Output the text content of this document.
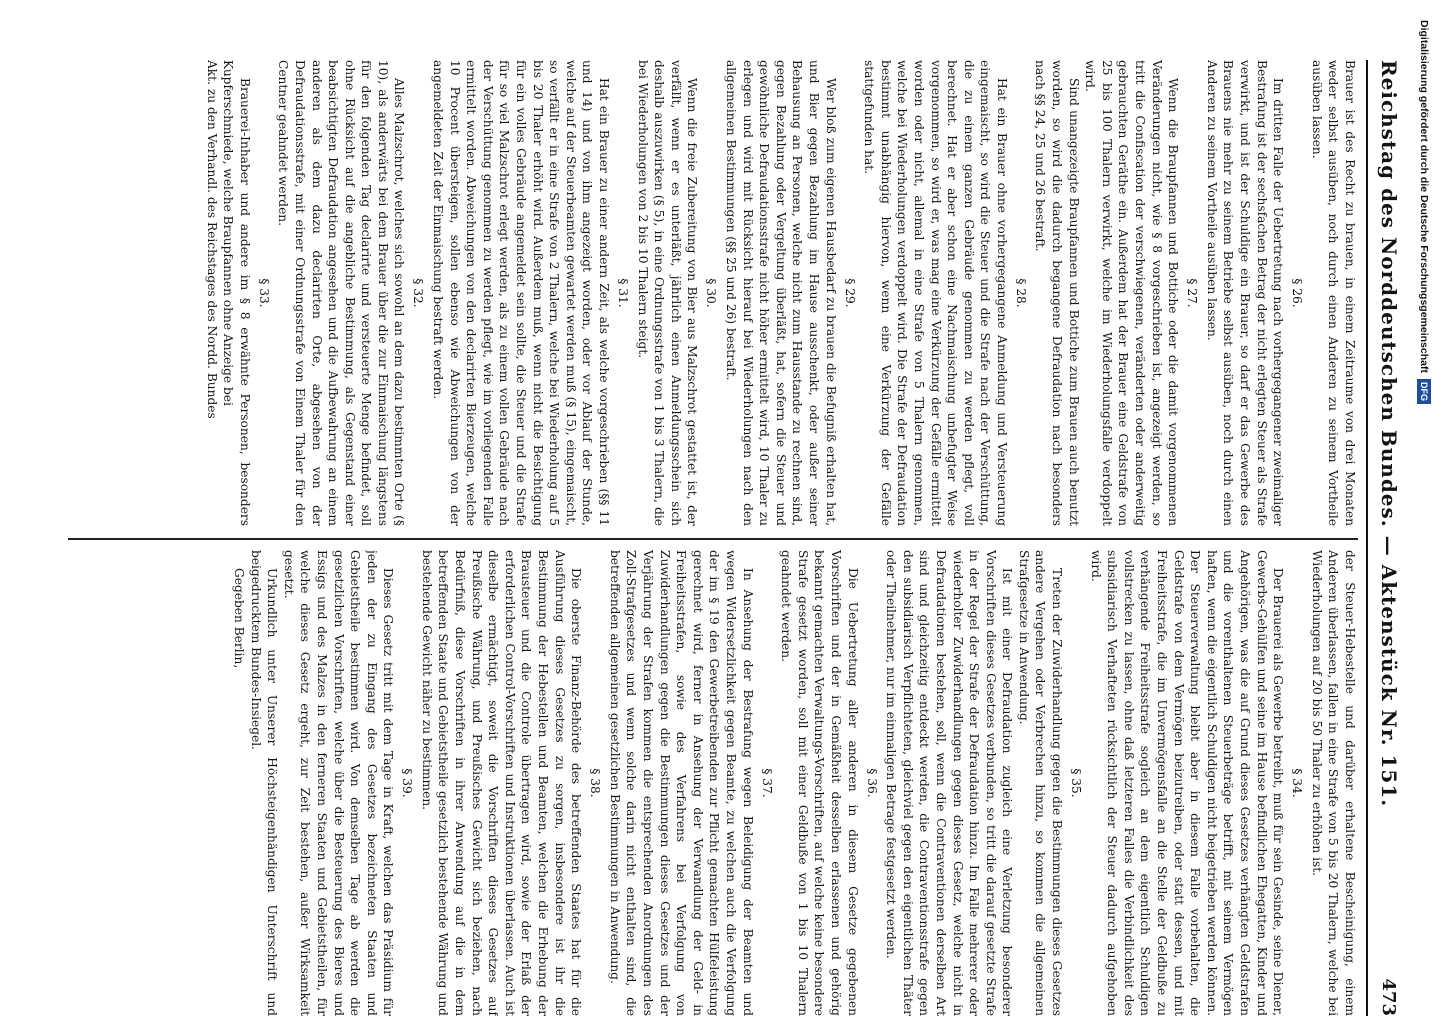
Reichstag des Norddeutschen Bundes. — Aktenstück Nr. 151.
473
Brauer ist des Recht zu brauen, in einem Zeitraume von drei Monaten weder selbst ausüben, noch durch einen Anderen zu seinem Vortheile ausüben lassen.
§ 26.
Im dritten Falle der Uebertretung nach vorhergegangener zweimaliger Bestrafung ist der sechsfachen Betrag der nicht erlegten Steuer als Strafe verwirkt, und ist der Schuldige ein Brauer, so darf er das Gewerbe des Brauens nie mehr zu seinem Betriebe selbst ausüben, noch durch einen Anderen zu seinem Vortheile ausüben lassen.
§ 27.
Wenn die Braupfannen und Bottiche oder die damit vorgenommenen Veränderungen nicht, wie § 8 vorgeschrieben ist, angezeigt werden, so tritt die Confiscation der verschwiegenen, veränderten oder anderweitig gebrauchten Geräthe ein. Außerdem hat der Brauer eine Geldstrafe von 25 bis 100 Thalern verwirkt, welche im Wiederholungsfalle verdoppelt wird.
Sind unangezeigte Braupfannen und Bottiche zum Brauen auch benutzt worden, so wird die dadurch begangene Defraudation nach besonders nach §§ 24, 25 und 26 bestraft.
§ 28.
Hat ein Brauer ohne vorhergegangene Anmeldung und Versteuerung eingemaischt, so wird die Steuer und die Strafe nach der Verschüttung, die zu einem ganzen Gebräude genommen zu werden pflegt, voll berechnet. Hat er aber schon eine Nachmaischung unbefugter Weise vorgenommen, so wird er, was mag eine Verkürzung der Gefälle ermittelt worden oder nicht, allemal in eine Strafe von 5 Thalern genommen, welche bei Wiederholungen verdoppelt wird. Die Strafe der Defraudation bestimmt unabhängig hiervon, wenn eine Verkürzung der Gefälle stattgefunden hat.
§ 29.
Wer bloß zum eigenen Hausbedarf zu brauen die Befugniß erhalten hat, und Bier gegen Bezahlung im Hause ausschenkt, oder außer seiner Behausung an Personen, welche nicht zum Hausstande zu rechnen sind, gegen Bezahlung oder Vergeltung überläßt, hat, sofern die Steuer und gewöhnliche Defraudationsstrafe nicht höher ermittelt wird, 10 Thaler zu erlegen und wird mit Rücksicht hierauf bei Wiederholungen nach den allgemeinen Bestimmungen (§§ 25 und 26) bestraft.
§ 30.
Wenn die freie Zubereitung von Bier aus Malzschrot gestattet ist, der verfällt, wenn er es unterläßt, jährlich einen Anmeldungsschein sich deshalb auszuwirken (§ 5), in eine Ordnungsstrafe von 1 bis 3 Thalern, die bei Wiederholungen von 2 bis 10 Thalern steigt.
§ 31.
Hat ein Brauer zu einer andern Zeit, als welche vorgeschrieben (§§ 11 und 14) und von ihm angezeigt worden, oder vor Ablauf der Stunde, welche auf der Steuerbeamten gewartet werden muß (§ 15), eingemaischt, so verfällt er in eine Strafe von 2 Thalern, welche bei Wiederholung auf 5 bis 20 Thaler erhöht wird. Außerdem muß, wenn nicht die Besichtigung für ein volles Gebräude angemeldet sein sollte, die Steuer und die Strafe für so viel Malzschrot erlegt werden, als zu einem vollen Gebräude nach der Verschüttung genommen zu werden pflegt, wie im vorliegenden Falle ermittelt worden. Abweichungen von den declarirten Bierzeugen, welche 10 Procent übersteigen, sollen ebenso wie Abweichungen von der angemeldeten Zeit der Einmaischung bestraft werden.
§ 32.
Alles Malzschrot, welches sich sowohl an dem dazu bestimmten Orte (§ 10), als anderwärts bei dem Brauer über die zur Einmaischung längstens für den folgenden Tag declarirte und versteuerte Menge befindet, soll ohne Rücksicht auf die angebliche Bestimmung, als Gegenstand einer beabsichtigten Defraudation angesehen und die Aufbewahrung an einem anderen als dem dazu declarirten Orte, abgesehen von der Defraudationsstrafe, mit einer Ordnungsstrafe von Einem Thaler für den Centner geahndet werden.
§ 33.
Brauerei-Inhaber und andere im § 8 erwähnte Personen, besonders Kupferschmiede, welche Braupfannen ohne Anzeige bei
Akt. zu den Verhandl. des Reichstages des Nordd. Bundes
der Steuer-Hebestelle und darüber erhaltene Bescheinigung, einem Anderen überlassen, fallen in eine Strafe von 5 bis 20 Thalern, welche bei Wiederholungen auf 20 bis 50 Thaler zu erhöhen ist.
§ 34.
Der Brauerei als Gewerbe betreibt, muß für sein Gesinde, seine Diener, Gewerbs-Gehülfen und seine im Hause befindlichen Ehegatten, Kinder und Angehörigen, was die auf Grund dieses Gesetzes verhängten Geldstrafen und die vorenthaltenen Steuerbeträge betrifft, mit seinem Vermögen haften, wenn die eigentlich Schuldigen nicht beigetrieben werden können. Der Steuerverwaltung bleibt aber in diesem Falle vorbehalten, die Geldstrafe von dem Vermögen beizutreiben, oder statt dessen, und mit Freiheitsstrafe, die im Unvermögensfalle an die Stelle der Geldbuße zu verhängende Freiheitsstrafe sogleich an dem eigentlich Schuldigen vollstrecken zu lassen, ohne daß letzteren Falles die Verbindlichkeit des subsidiarisch Verhafteten rücksichtlich der Steuer dadurch aufgehoben wird.
§ 35.
Treten der Zuwiderhandlung gegen die Bestimmungen dieses Gesetzes andere Vergehen oder Verbrechen hinzu, so kommen die allgemeinen Strafgesetze in Anwendung.
Ist mit einer Defraudation zugleich eine Verletzung besonderer Vorschriften dieses Gesetzes verbunden, so tritt die darauf gesetzte Strafe in der Regel der Strafe der Defraudation hinzu. Im Falle mehrerer oder wiederholter Zuwiderhandlungen gegen dieses Gesetz, welche nicht in Defraudationen bestehen, soll, wenn die Contraventionen derselben Art sind und gleichzeitig entdeckt werden, die Contraventionsstrafe gegen den subsidiarisch Verpflichteten, gleichviel gegen den eigentlichen Thäter oder Theilnehmer, nur im einmaligen Betrage festgesetzt werden.
§ 36.
Die Uebertretung aller anderen in diesem Gesetze gegebenen Vorschriften und der in Gemäßheit desselben erlassenen und gehörig bekannt gemachten Verwaltungs-Vorschriften, auf welche keine besondere Strafe gesetzt worden, soll mit einer Geldbuße von 1 bis 10 Thalern geahndet werden.
§ 37.
In Ansehung der Bestrafung wegen Beleidigung der Beamten und wegen Widersetzlichkeit gegen Beamte, zu welchen auch die Verfolgung der im § 19 den Gewerbetreibenden zur Pflicht gemachten Hülfeleistung gerechnet wird, ferner in Ansehung der Verwandlung der Geld- in Freiheitsstrafen, sowie des Verfahrens bei Verfolgung von Zuwiderhandlungen gegen die Bestimmungen dieses Gesetzes und der Verjährung der Strafen kommen die entsprechenden Anordnungen des Zoll-Strafgesetzes und wenn solche darin nicht enthalten sind, die betreffenden allgemeinen gesetzlichen Bestimmungen in Anwendung.
§ 38.
Die oberste Finanz-Behörde des betreffenden Staates hat für die Ausführung dieses Gesetzes zu sorgen, insbesondere ist ihr die Bestimmung der Hebestellen und Beamten, welchen die Erhebung der Brausteuer und die Controle übertragen wird, sowie der Erlaß der erforderlichen Control-Vorschriften und Instruktionen überlassen. Auch ist dieselbe ermächtigt, soweit die Vorschriften dieses Gesetzes auf Preußische Währung, und Preußisches Gewicht sich beziehen, nach Bedürfniß, diese Vorschriften in ihrer Anwendung auf die in dem betreffenden Staate und Gebietstheile gesetzlich bestehende Währung und bestehende Gewicht näher zu bestimmen.
§ 39.
Dieses Gesetz tritt mit dem Tage in Kraft, welchen das Präsidium für jeden der zu Eingang des Gesetzes bezeichneten Staaten und Gebietstheile bestimmen wird. Von demselben Tage ab werden die gesetzlichen Vorschriften, welche über die Besteuerung des Bieres und Essigs und des Malzes in den ferneren Staaten und Gebietstheilen, für welche dieses Gesetz ergeht, zur Zeit bestehen, außer Wirksamkeit gesetzt.
Urkundlich unter Unserer Höchsteigenhändigen Unterschrift und beigedrucktem Bundes-Insiegel.
Gegeben Berlin,
Digitalisierung gefördert durch die Deutsche Forschungsgemeinschaft
DFG
